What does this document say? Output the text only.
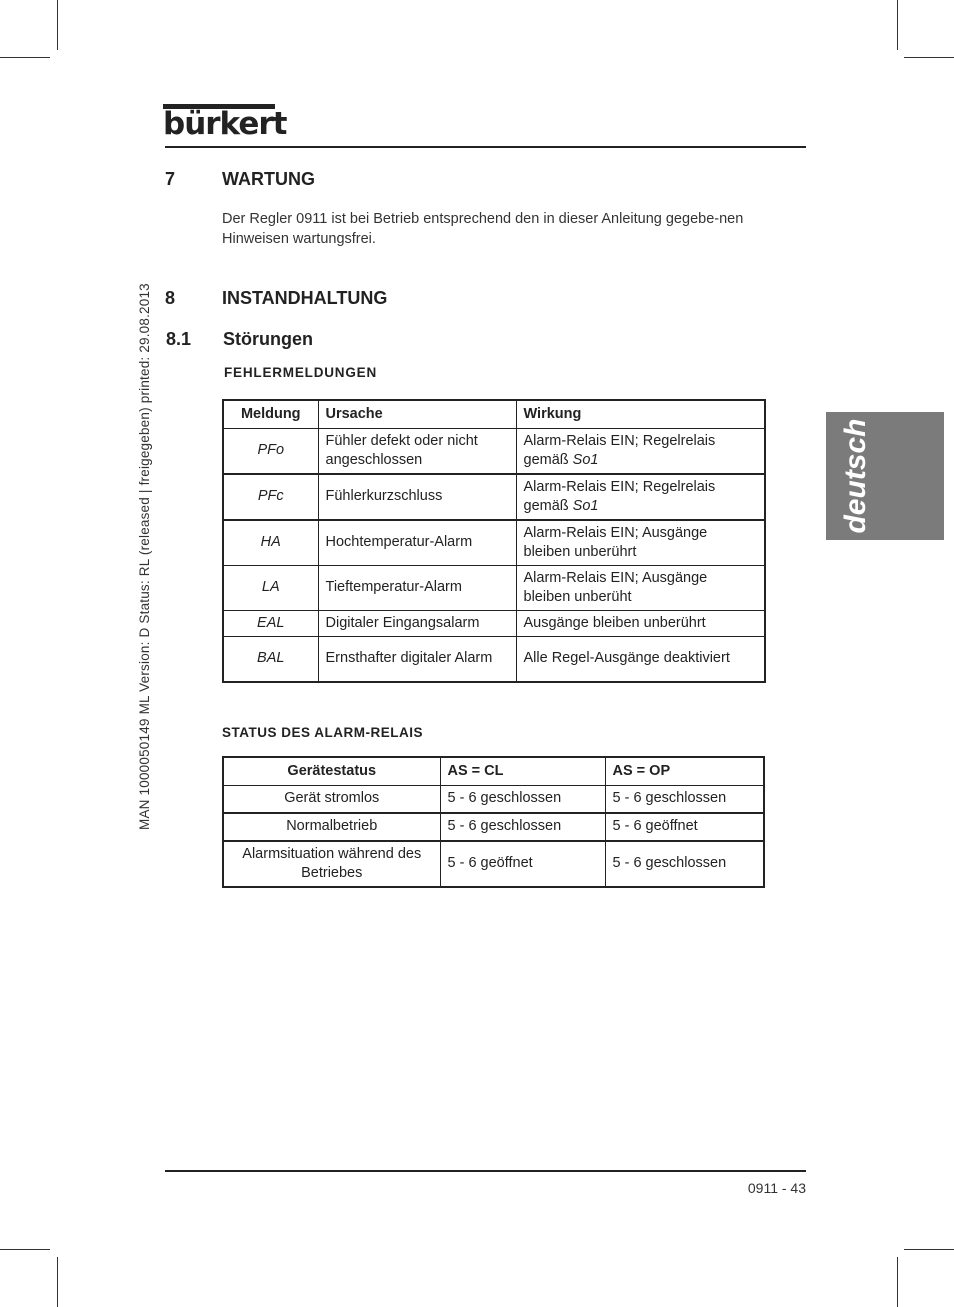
bürkert
MAN 1000050149 ML Version: D Status: RL (released | freigegeben) printed: 29.08.2013	deutsch
7	WARTUNG
Der Regler 0911 ist bei Betrieb entsprechend den in dieser Anleitung gegebe-nen Hinweisen wartungsfrei.
8	INSTANDHALTUNG
8.1 Störungen
FEHLERMELDUNGEN
Meldung	Ursache	Wirkung
PFo	Fühler defekt oder nicht angeschlossen	Alarm-Relais EIN; Regelrelais gemäß So1
PFc	Fühlerkurzschluss	Alarm-Relais EIN; Regelrelais gemäß So1
HA	Hochtemperatur-Alarm	Alarm-Relais EIN; Ausgänge bleiben unberührt
LA	Tieftemperatur-Alarm	Alarm-Relais EIN; Ausgänge bleiben unberüht
EAL	Digitaler Eingangsalarm	Ausgänge bleiben unberührt
BAL	Ernsthafter digitaler Alarm	Alle Regel-Ausgänge deaktiviert
STATUS DES ALARM-RELAIS
Gerätestatus	AS = CL	AS = OP
Gerät stromlos	5 - 6 geschlossen	5 - 6 geschlossen
Normalbetrieb	5 - 6 geschlossen	5 - 6 geöffnet
Alarmsituation während des Betriebes	5 - 6 geöffnet	5 - 6 geschlossen
0911 - 43
